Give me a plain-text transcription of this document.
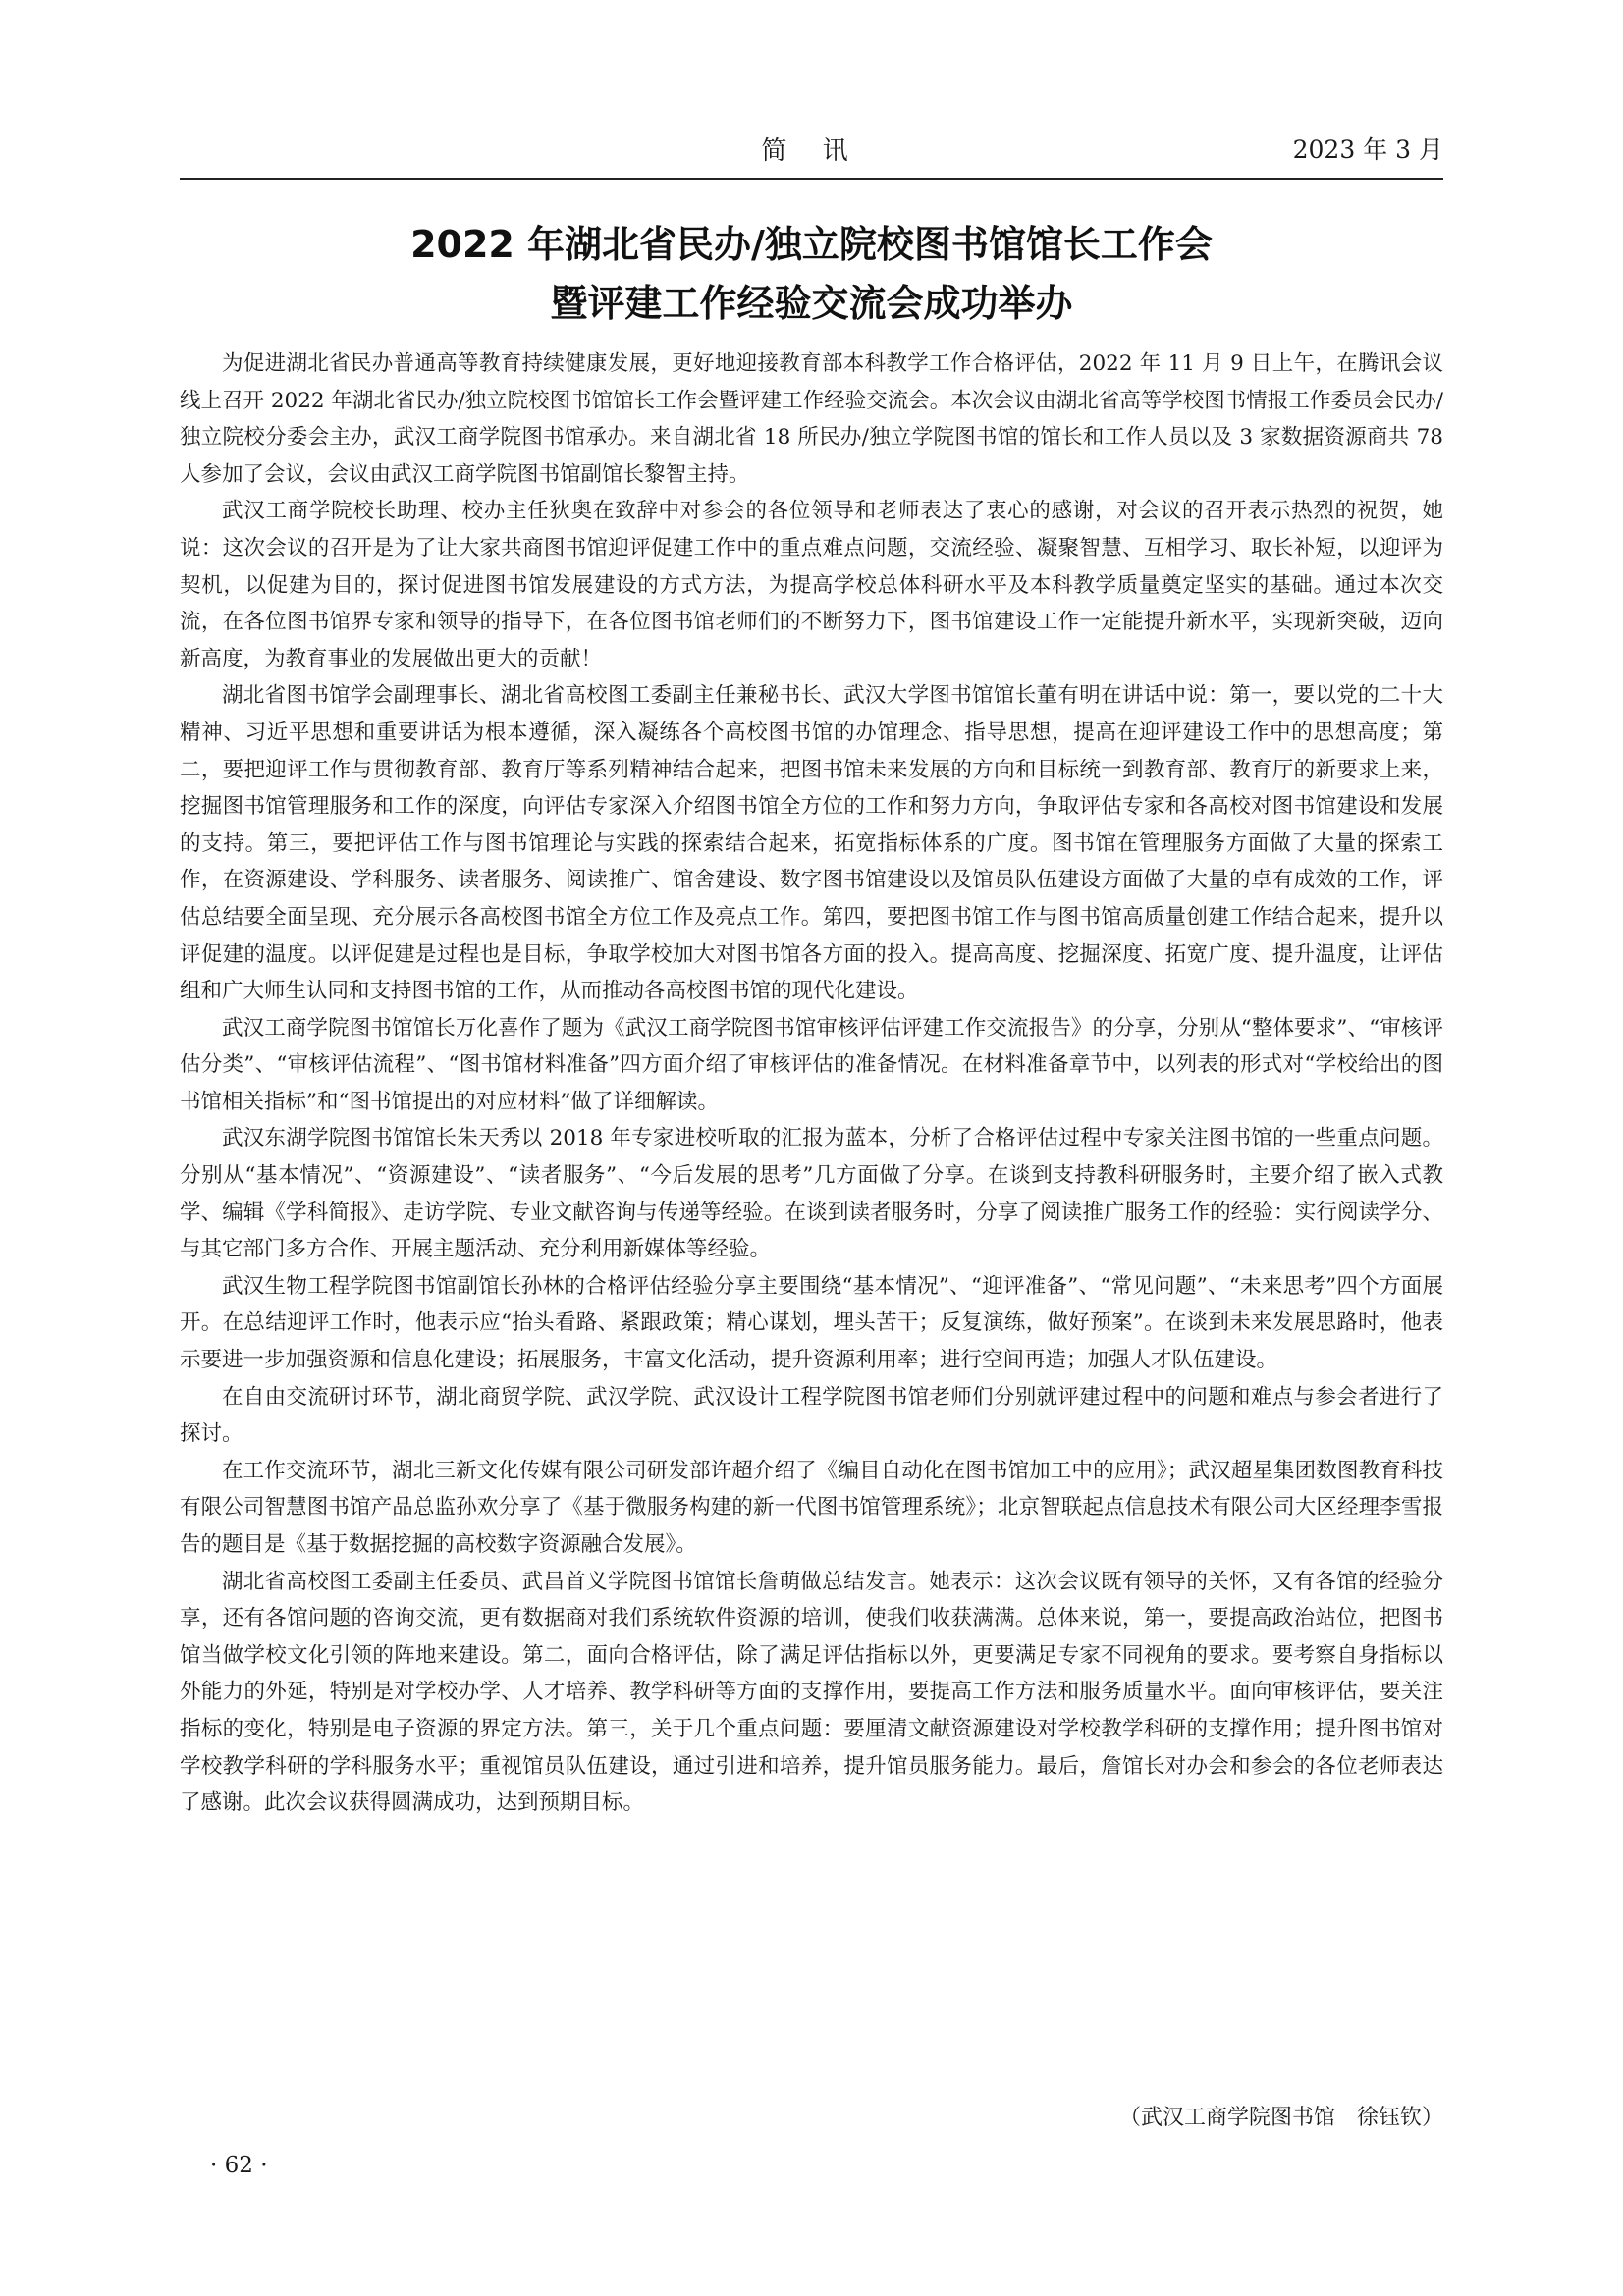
简 讯	2023 年 3 月
2022 年湖北省民办/独立院校图书馆馆长工作会
暨评建工作经验交流会成功举办

为促进湖北省民办普通高等教育持续健康发展，更好地迎接教育部本科教学工作合格评估，2022 年 11 月 9 日上午，在腾讯会议线上召开 2022 年湖北省民办/独立院校图书馆馆长工作会暨评建工作经验交流会。本次会议由湖北省高等学校图书情报工作委员会民办/独立院校分委会主办，武汉工商学院图书馆承办。来自湖北省 18 所民办/独立学院图书馆的馆长和工作人员以及 3 家数据资源商共 78 人参加了会议，会议由武汉工商学院图书馆副馆长黎智主持。

武汉工商学院校长助理、校办主任狄奥在致辞中对参会的各位领导和老师表达了衷心的感谢，对会议的召开表示热烈的祝贺，她说：这次会议的召开是为了让大家共商图书馆迎评促建工作中的重点难点问题，交流经验、凝聚智慧、互相学习、取长补短，以迎评为契机，以促建为目的，探讨促进图书馆发展建设的方式方法，为提高学校总体科研水平及本科教学质量奠定坚实的基础。通过本次交流，在各位图书馆界专家和领导的指导下，在各位图书馆老师们的不断努力下，图书馆建设工作一定能提升新水平，实现新突破，迈向新高度，为教育事业的发展做出更大的贡献！

湖北省图书馆学会副理事长、湖北省高校图工委副主任兼秘书长、武汉大学图书馆馆长董有明在讲话中说：第一，要以党的二十大精神、习近平思想和重要讲话为根本遵循，深入凝练各个高校图书馆的办馆理念、指导思想，提高在迎评建设工作中的思想高度；第二，要把迎评工作与贯彻教育部、教育厅等系列精神结合起来，把图书馆未来发展的方向和目标统一到教育部、教育厅的新要求上来，挖掘图书馆管理服务和工作的深度，向评估专家深入介绍图书馆全方位的工作和努力方向，争取评估专家和各高校对图书馆建设和发展的支持。第三，要把评估工作与图书馆理论与实践的探索结合起来，拓宽指标体系的广度。图书馆在管理服务方面做了大量的探索工作，在资源建设、学科服务、读者服务、阅读推广、馆舍建设、数字图书馆建设以及馆员队伍建设方面做了大量的卓有成效的工作，评估总结要全面呈现、充分展示各高校图书馆全方位工作及亮点工作。第四，要把图书馆工作与图书馆高质量创建工作结合起来，提升以评促建的温度。以评促建是过程也是目标，争取学校加大对图书馆各方面的投入。提高高度、挖掘深度、拓宽广度、提升温度，让评估组和广大师生认同和支持图书馆的工作，从而推动各高校图书馆的现代化建设。

武汉工商学院图书馆馆长万化喜作了题为《武汉工商学院图书馆审核评估评建工作交流报告》的分享，分别从“整体要求”、“审核评估分类”、“审核评估流程”、“图书馆材料准备”四方面介绍了审核评估的准备情况。在材料准备章节中，以列表的形式对“学校给出的图书馆相关指标”和“图书馆提出的对应材料”做了详细解读。

武汉东湖学院图书馆馆长朱天秀以 2018 年专家进校听取的汇报为蓝本，分析了合格评估过程中专家关注图书馆的一些重点问题。分别从“基本情况”、“资源建设”、“读者服务”、“今后发展的思考”几方面做了分享。在谈到支持教科研服务时，主要介绍了嵌入式教学、编辑《学科简报》、走访学院、专业文献咨询与传递等经验。在谈到读者服务时，分享了阅读推广服务工作的经验：实行阅读学分、与其它部门多方合作、开展主题活动、充分利用新媒体等经验。

武汉生物工程学院图书馆副馆长孙林的合格评估经验分享主要围绕“基本情况”、“迎评准备”、“常见问题”、“未来思考”四个方面展开。在总结迎评工作时，他表示应“抬头看路、紧跟政策；精心谋划，埋头苦干；反复演练，做好预案”。在谈到未来发展思路时，他表示要进一步加强资源和信息化建设；拓展服务，丰富文化活动，提升资源利用率；进行空间再造；加强人才队伍建设。

在自由交流研讨环节，湖北商贸学院、武汉学院、武汉设计工程学院图书馆老师们分别就评建过程中的问题和难点与参会者进行了探讨。

在工作交流环节，湖北三新文化传媒有限公司研发部许超介绍了《编目自动化在图书馆加工中的应用》；武汉超星集团数图教育科技有限公司智慧图书馆产品总监孙欢分享了《基于微服务构建的新一代图书馆管理系统》；北京智联起点信息技术有限公司大区经理李雪报告的题目是《基于数据挖掘的高校数字资源融合发展》。

湖北省高校图工委副主任委员、武昌首义学院图书馆馆长詹萌做总结发言。她表示：这次会议既有领导的关怀，又有各馆的经验分享，还有各馆问题的咨询交流，更有数据商对我们系统软件资源的培训，使我们收获满满。总体来说，第一，要提高政治站位，把图书馆当做学校文化引领的阵地来建设。第二，面向合格评估，除了满足评估指标以外，更要满足专家不同视角的要求。要考察自身指标以外能力的外延，特别是对学校办学、人才培养、教学科研等方面的支撑作用，要提高工作方法和服务质量水平。面向审核评估，要关注指标的变化，特别是电子资源的界定方法。第三，关于几个重点问题：要厘清文献资源建设对学校教学科研的支撑作用；提升图书馆对学校教学科研的学科服务水平；重视馆员队伍建设，通过引进和培养，提升馆员服务能力。最后，詹馆长对办会和参会的各位老师表达了感谢。此次会议获得圆满成功，达到预期目标。

（武汉工商学院图书馆　徐钰钦）
· 62 ·
